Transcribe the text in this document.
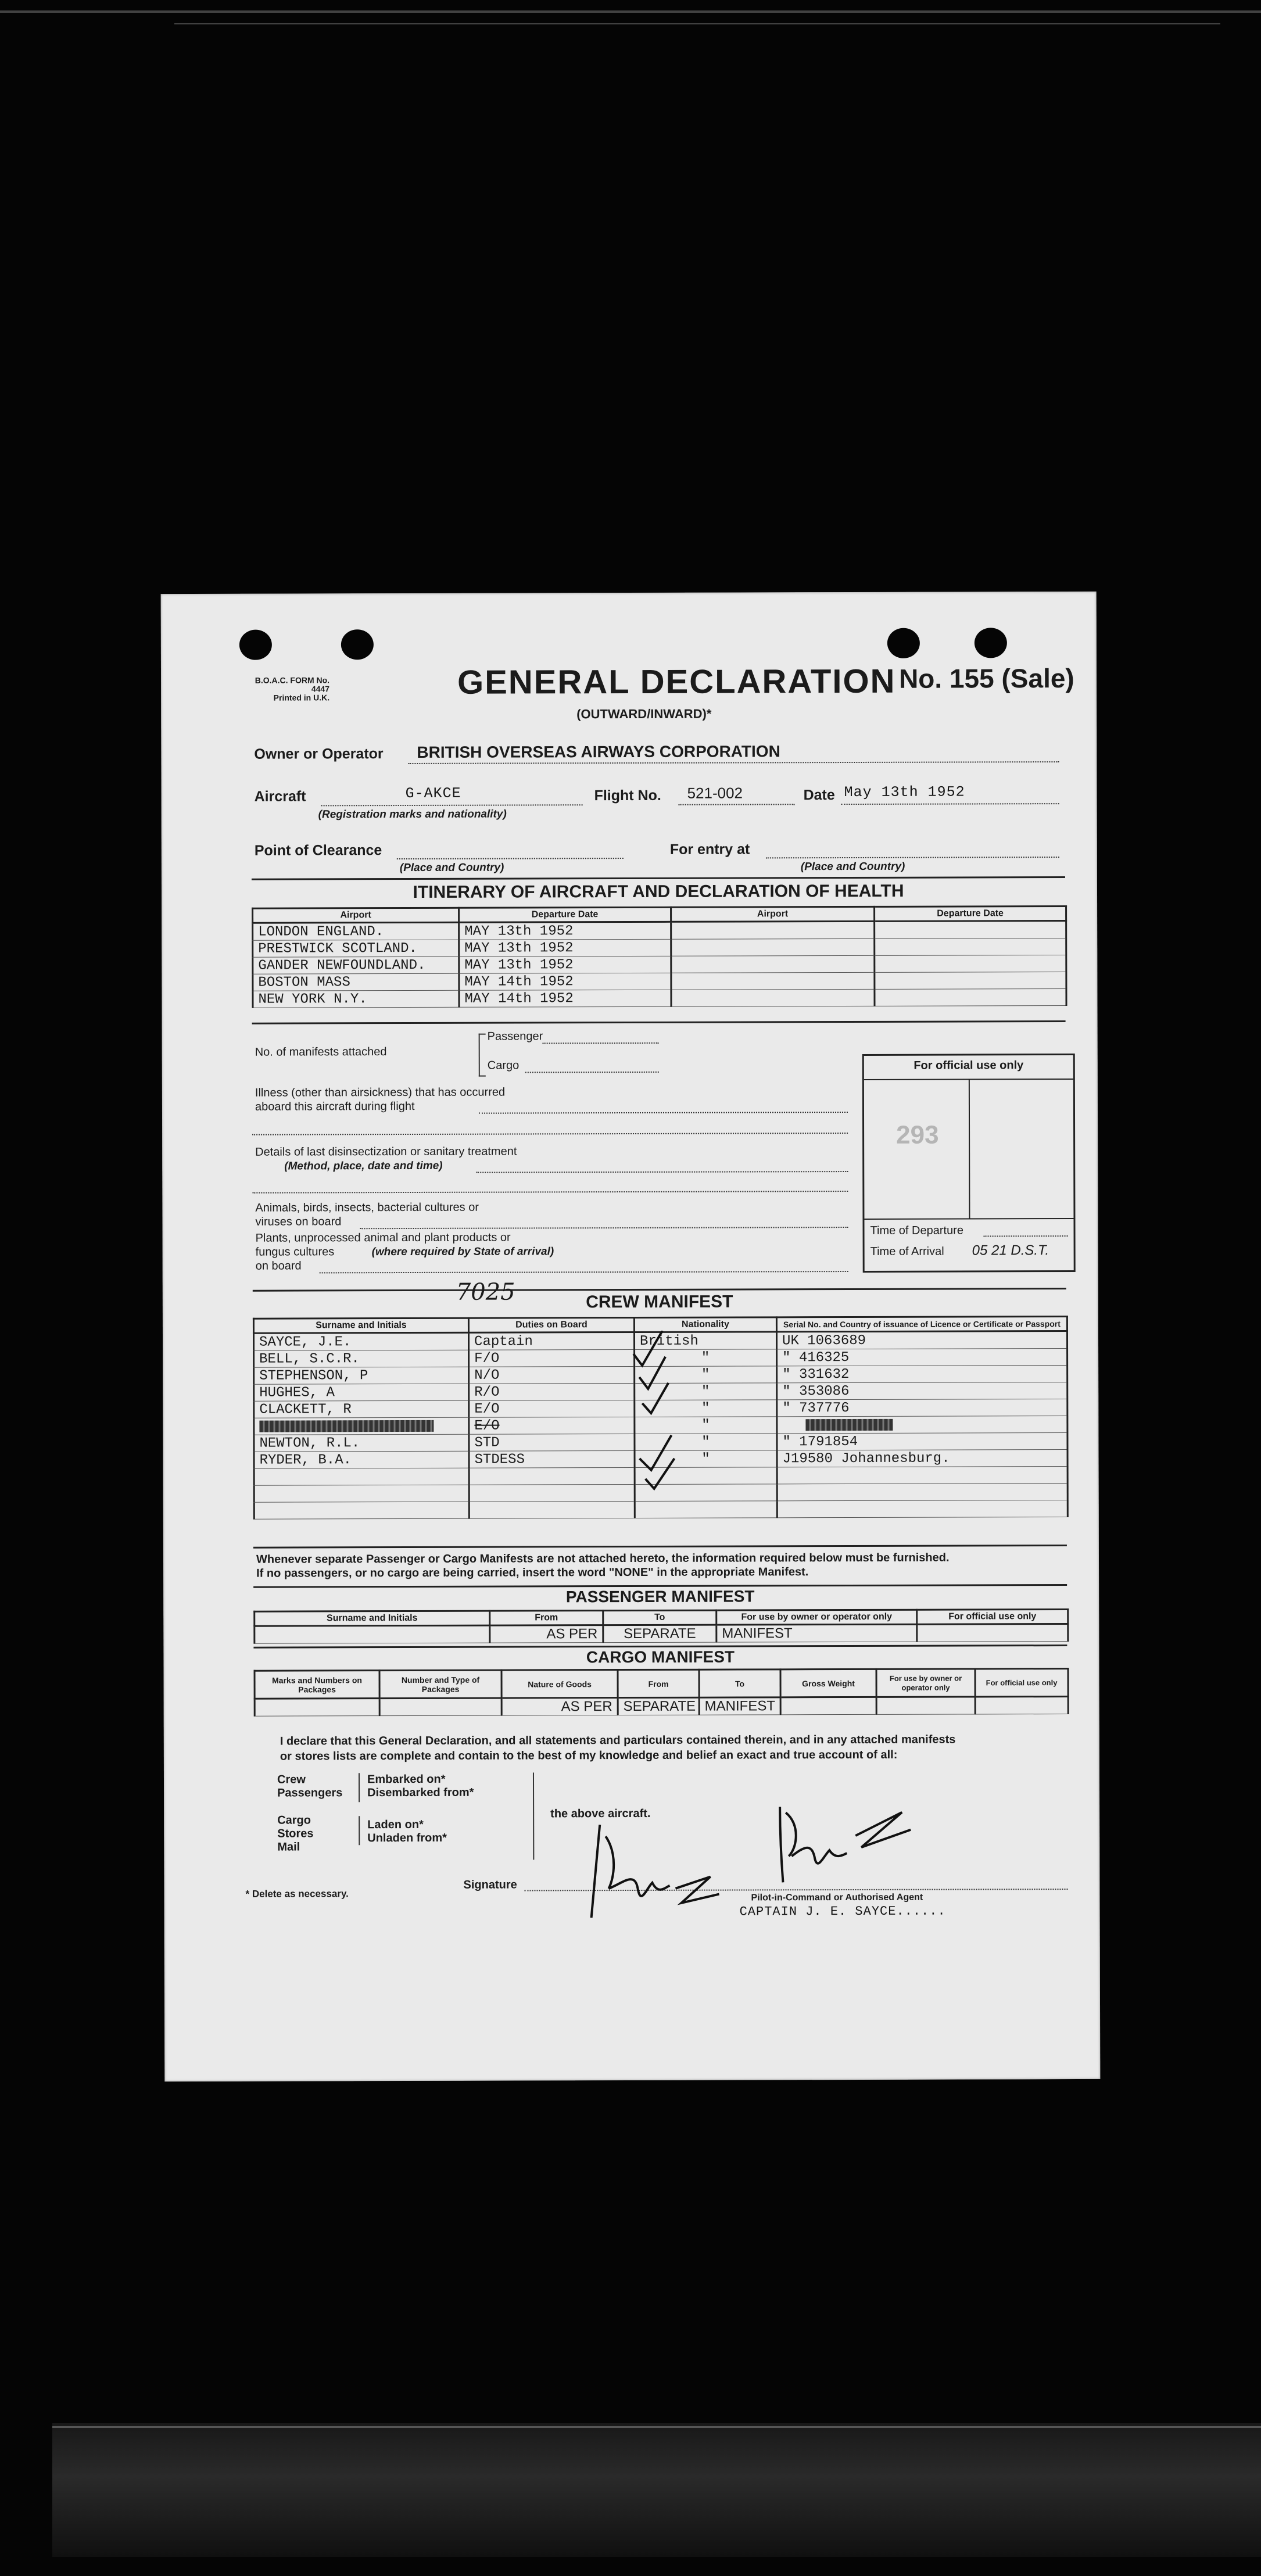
B.O.A.C. FORM No. 4447
Printed in U.K.	GENERAL DECLARATION No. 155 (Sale)
(OUTWARD/INWARD)*
Owner or Operator BRITISH OVERSEAS AIRWAYS CORPORATION
Aircraft	G-AKCE
(Registration marks and nationality)
Flight No. 521-002	Date May 13th 1952
Point of Clearance
(Place and Country)
For entry at
(Place and Country)
ITINERARY OF AIRCRAFT AND DECLARATION OF HEALTH
Airport	Departure Date	Airport	Departure Date
LONDON ENGLAND.	MAY 13th 1952		
PRESTWICK SCOTLAND.	MAY 13th 1952		
GANDER NEWFOUNDLAND.	MAY 13th 1952		
BOSTON MASS	MAY 14th 1952		
NEW YORK N.Y.	MAY 14th 1952		
No. of manifests attached
Passenger
Cargo
Illness (other than airsickness) that has occurred
aboard this aircraft during flight
Details of last disinsectization or sanitary treatment
(Method, place, date and time)
Animals, birds, insects, bacterial cultures or
viruses on board
Plants, unprocessed animal and plant products or
fungus cultures	(where required by State of arrival)
on board
For official use only
293
Time of Departure
Time of Arrival 05 21 D.S.T.
7025	CREW MANIFEST
Surname and Initials	Duties on Board	Nationality	Serial No. and Country of issuance of Licence or Certificate or Passport
SAYCE, J.E.	Captain	British	UK 1063689
BELL, S.C.R.	F/O	"	" 416325
STEPHENSON, P	N/O	"	" 331632
HUGHES, A	R/O	"	" 353086
CLACKETT, R	E/O	"	" 737776

	E/O	"	

NEWTON, R.L.	STD	"	" 1791854
RYDER, B.A.	STDESS	"	J19580 Johannesburg.

Whenever separate Passenger or Cargo Manifests are not attached hereto, the information required below must be furnished.
If no passengers, or no cargo are being carried, insert the word "NONE" in the appropriate Manifest.
PASSENGER MANIFEST
Surname and Initials	From	To	For use by owner or operator only	For official use only
	AS PER	SEPARATE	MANIFEST	
CARGO MANIFEST
Marks and Numbers on Packages	Number and Type of Packages	Nature of Goods	From	To	Gross Weight	For use by owner or operator only	For official use only
		AS PER	SEPARATE	MANIFEST			
I declare that this General Declaration, and all statements and particulars contained therein, and in any attached manifests
or stores lists are complete and contain to the best of my knowledge and belief an exact and true account of all:
Crew
Passengers
Cargo
Stores
Mail
Embarked on*
Disembarked from*
Laden on*
Unladen from*
the above aircraft.
* Delete as necessary.
Signature
Pilot-in-Command or Authorised Agent
CAPTAIN J. E. SAYCE......
